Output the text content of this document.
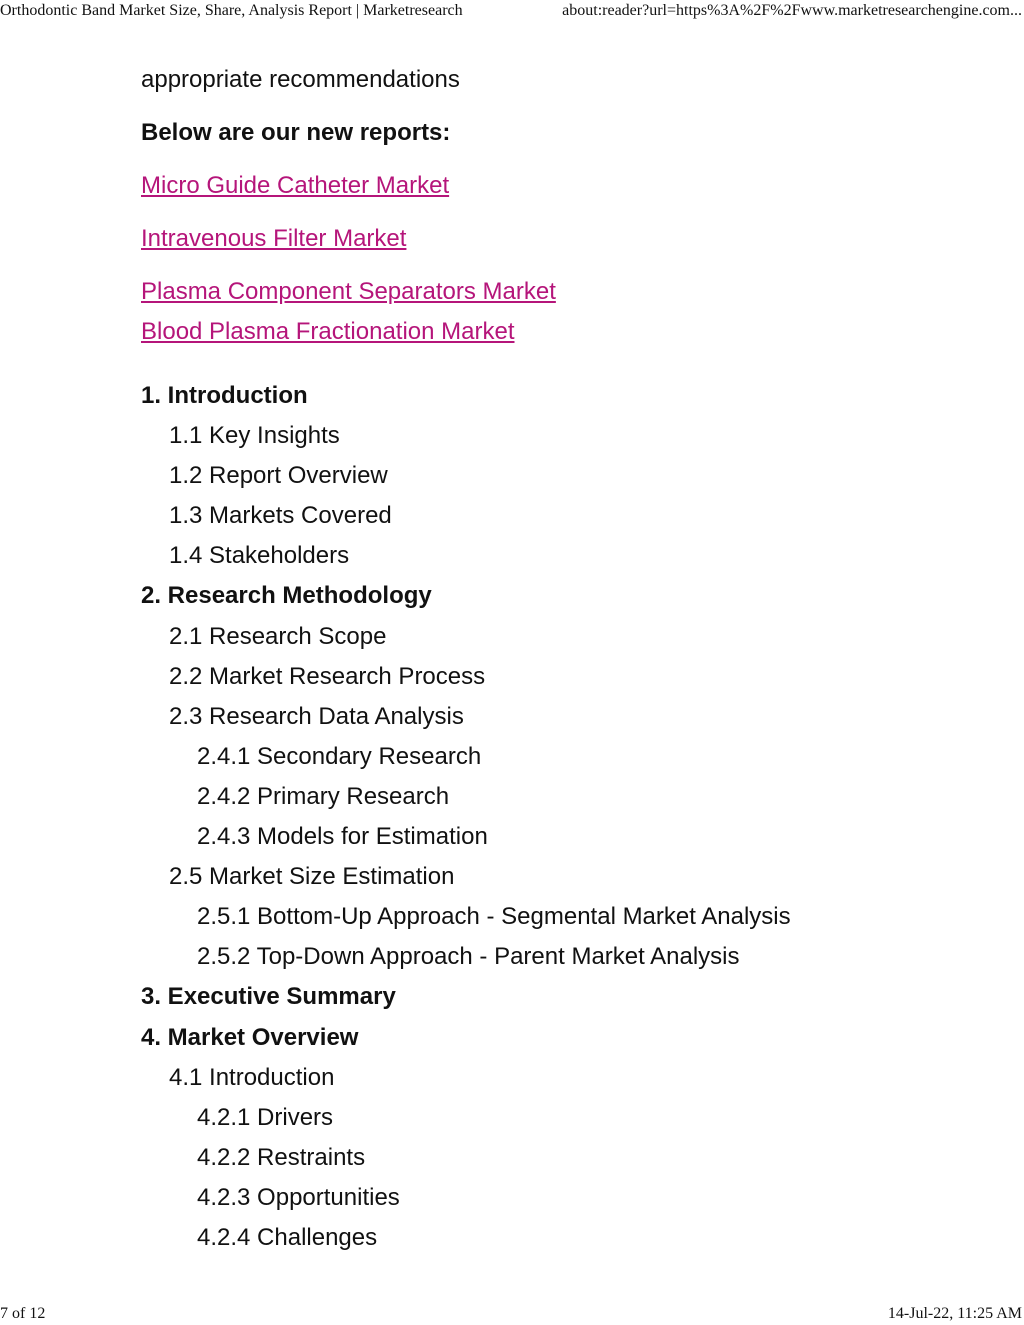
Orthodontic Band Market Size, Share, Analysis Report | Marketresearch	about:reader?url=https%3A%2F%2Fwww.marketresearchengine.com...

appropriate recommendations

Below are our new reports:

Micro Guide Catheter Market
Intravenous Filter Market
Plasma Component Separators Market
Blood Plasma Fractionation Market
1. Introduction
1.1 Key Insights
1.2 Report Overview
1.3 Markets Covered
1.4 Stakeholders
2. Research Methodology
2.1 Research Scope
2.2 Market Research Process
2.3 Research Data Analysis
2.4.1 Secondary Research
2.4.2 Primary Research
2.4.3 Models for Estimation
2.5 Market Size Estimation
2.5.1 Bottom-Up Approach - Segmental Market Analysis
2.5.2 Top-Down Approach - Parent Market Analysis
3. Executive Summary
4. Market Overview
4.1 Introduction
4.2.1 Drivers
4.2.2 Restraints
4.2.3 Opportunities
4.2.4 Challenges
7 of 12	14-Jul-22, 11:25 AM
